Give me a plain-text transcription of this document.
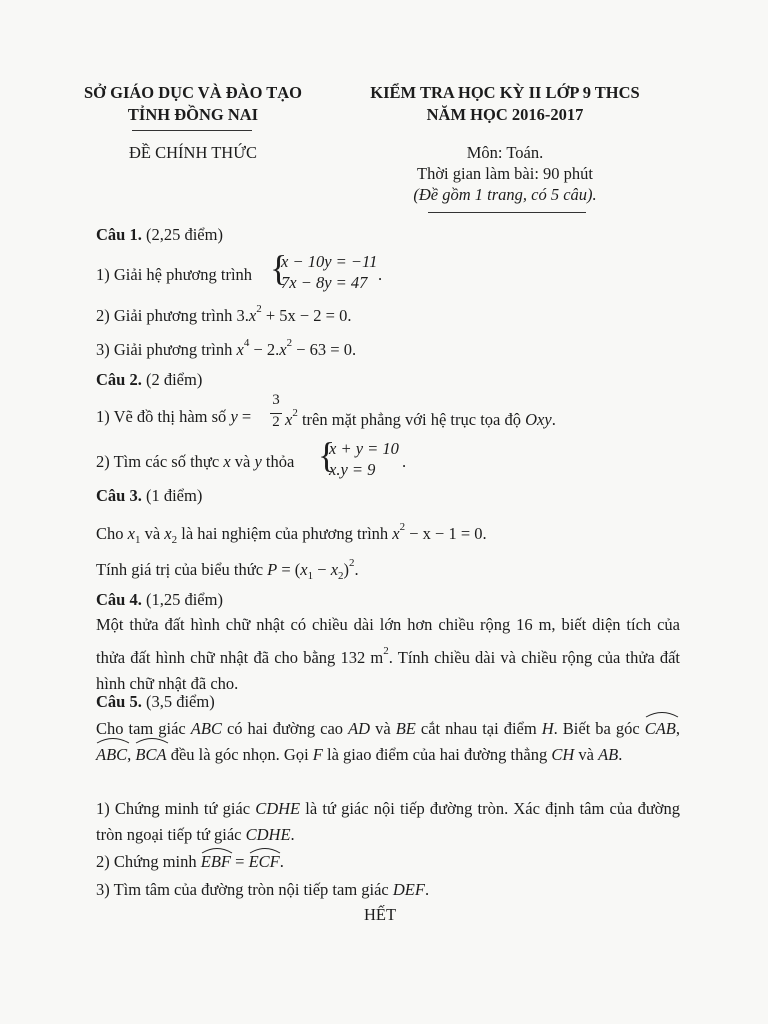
SỞ GIÁO DỤC VÀ ĐÀO TẠO
TỈNH ĐỒNG NAI
ĐỀ CHÍNH THỨC
KIỂM TRA HỌC KỲ II LỚP 9 THCS
NĂM HỌC 2016-2017
Môn: Toán.
Thời gian làm bài: 90 phút
(Đề gồm 1 trang, có 5 câu).
Câu 1. (2,25 điểm)
1) Giải hệ phương trình {
x − 10y = −11
7x − 8y = 47 .
2) Giải phương trình $3.x^2 + 5x - 2 = 0$.
3) Giải phương trình $x^4 - 2.x^2 - 63 = 0$.
Câu 2. (2 điểm)
1) Vẽ đồ thị hàm số y =
3
2 $x^2$ trên mặt phẳng với hệ trục tọa độ Oxy.
2) Tìm các số thực x và y thỏa {
x + y = 10
x.y = 9	.
Câu 3. (1 điểm)
Cho $x_1$ và $x_2$ là hai nghiệm của phương trình $x^2 - x - 1 = 0$.
Tính giá trị của biểu thức $P = (x_1 - x_2)^2$.
Câu 4. (1,25 điểm)
Một thửa đất hình chữ nhật có chiều dài lớn hơn chiều rộng 16 m, biết diện tích của thửa đất hình chữ nhật đã cho bằng 132 $m^2$. Tính chiều dài và chiều rộng của thửa đất hình chữ nhật đã cho.
Câu 5. (3,5 điểm)
Cho tam giác ABC có hai đường cao AD và BE cắt nhau tại điểm H. Biết ba góc
CAB,
ABC,
BCA đều là góc nhọn. Gọi F là giao điểm của hai đường thẳng CH và AB.
1) Chứng minh tứ giác CDHE là tứ giác nội tiếp đường tròn. Xác định tâm của đường tròn ngoại tiếp tứ giác CDHE.
2) Chứng minh
EBF =
ECF.
3) Tìm tâm của đường tròn nội tiếp tam giác DEF.
HẾT
